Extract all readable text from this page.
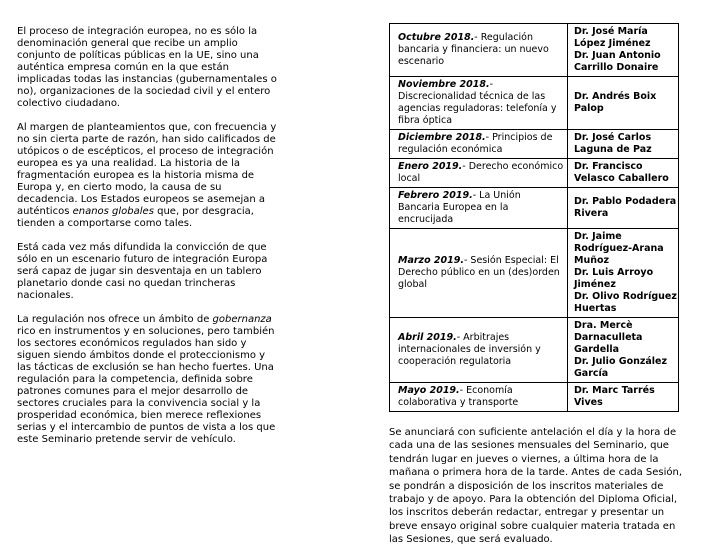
El proceso de integración europea, no es sólo la
denominación general que recibe un amplio
conjunto de políticas públicas en la UE, sino una
auténtica empresa común en la que están
implicadas todas las instancias (gubernamentales o
no), organizaciones de la sociedad civil y el entero
colectivo ciudadano.
Al margen de planteamientos que, con frecuencia y
no sin cierta parte de razón, han sido calificados de
utópicos o de escépticos, el proceso de integración
europea es ya una realidad. La historia de la
fragmentación europea es la historia misma de
Europa y, en cierto modo, la causa de su
decadencia. Los Estados europeos se asemejan a
auténticos enanos globales que, por desgracia,
tienden a comportarse como tales.
Está cada vez más difundida la convicción de que
sólo en un escenario futuro de integración Europa
será capaz de jugar sin desventaja en un tablero
planetario donde casi no quedan trincheras
nacionales.
La regulación nos ofrece un ámbito de gobernanza
rico en instrumentos y en soluciones, pero también
los sectores económicos regulados han sido y
siguen siendo ámbitos donde el proteccionismo y
las tácticas de exclusión se han hecho fuertes. Una
regulación para la competencia, definida sobre
patrones comunes para el mejor desarrollo de
sectores cruciales para la convivencia social y la
prosperidad económica, bien merece reflexiones
serias y el intercambio de puntos de vista a los que
este Seminario pretende servir de vehículo.
Octubre 2018.- Regulación bancaria y financiera: un nuevo escenario	Dr. José María López Jiménez
Dr. Juan Antonio Carrillo Donaire

Noviembre 2018.- Discrecionalidad técnica de las agencias reguladoras: telefonía y fibra óptica	Dr. Andrés Boix Palop

Diciembre 2018.- Principios de regulación económica	Dr. José Carlos Laguna de Paz

Enero 2019.- Derecho económico local	Dr. Francisco Velasco Caballero

Febrero 2019.- La Unión Bancaria Europea en la encrucijada	Dr. Pablo Podadera Rivera

Marzo 2019.- Sesión Especial: El Derecho público en un (des)orden global	Dr. Jaime Rodríguez-Arana Muñoz
Dr. Luis Arroyo Jiménez
Dr. Olivo Rodríguez Huertas

Abril 2019.- Arbitrajes internacionales de inversión y cooperación regulatoria	Dra. Mercè Darnaculleta Gardella
Dr. Julio González García

Mayo 2019.- Economía colaborativa y transporte	Dr. Marc Tarrés Vives
Se anunciará con suficiente antelación el día y la hora de
cada una de las sesiones mensuales del Seminario, que
tendrán lugar en jueves o viernes, a última hora de la
mañana o primera hora de la tarde. Antes de cada Sesión,
se pondrán a disposición de los inscritos materiales de
trabajo y de apoyo. Para la obtención del Diploma Oficial,
los inscritos deberán redactar, entregar y presentar un
breve ensayo original sobre cualquier materia tratada en
las Sesiones, que será evaluado.
